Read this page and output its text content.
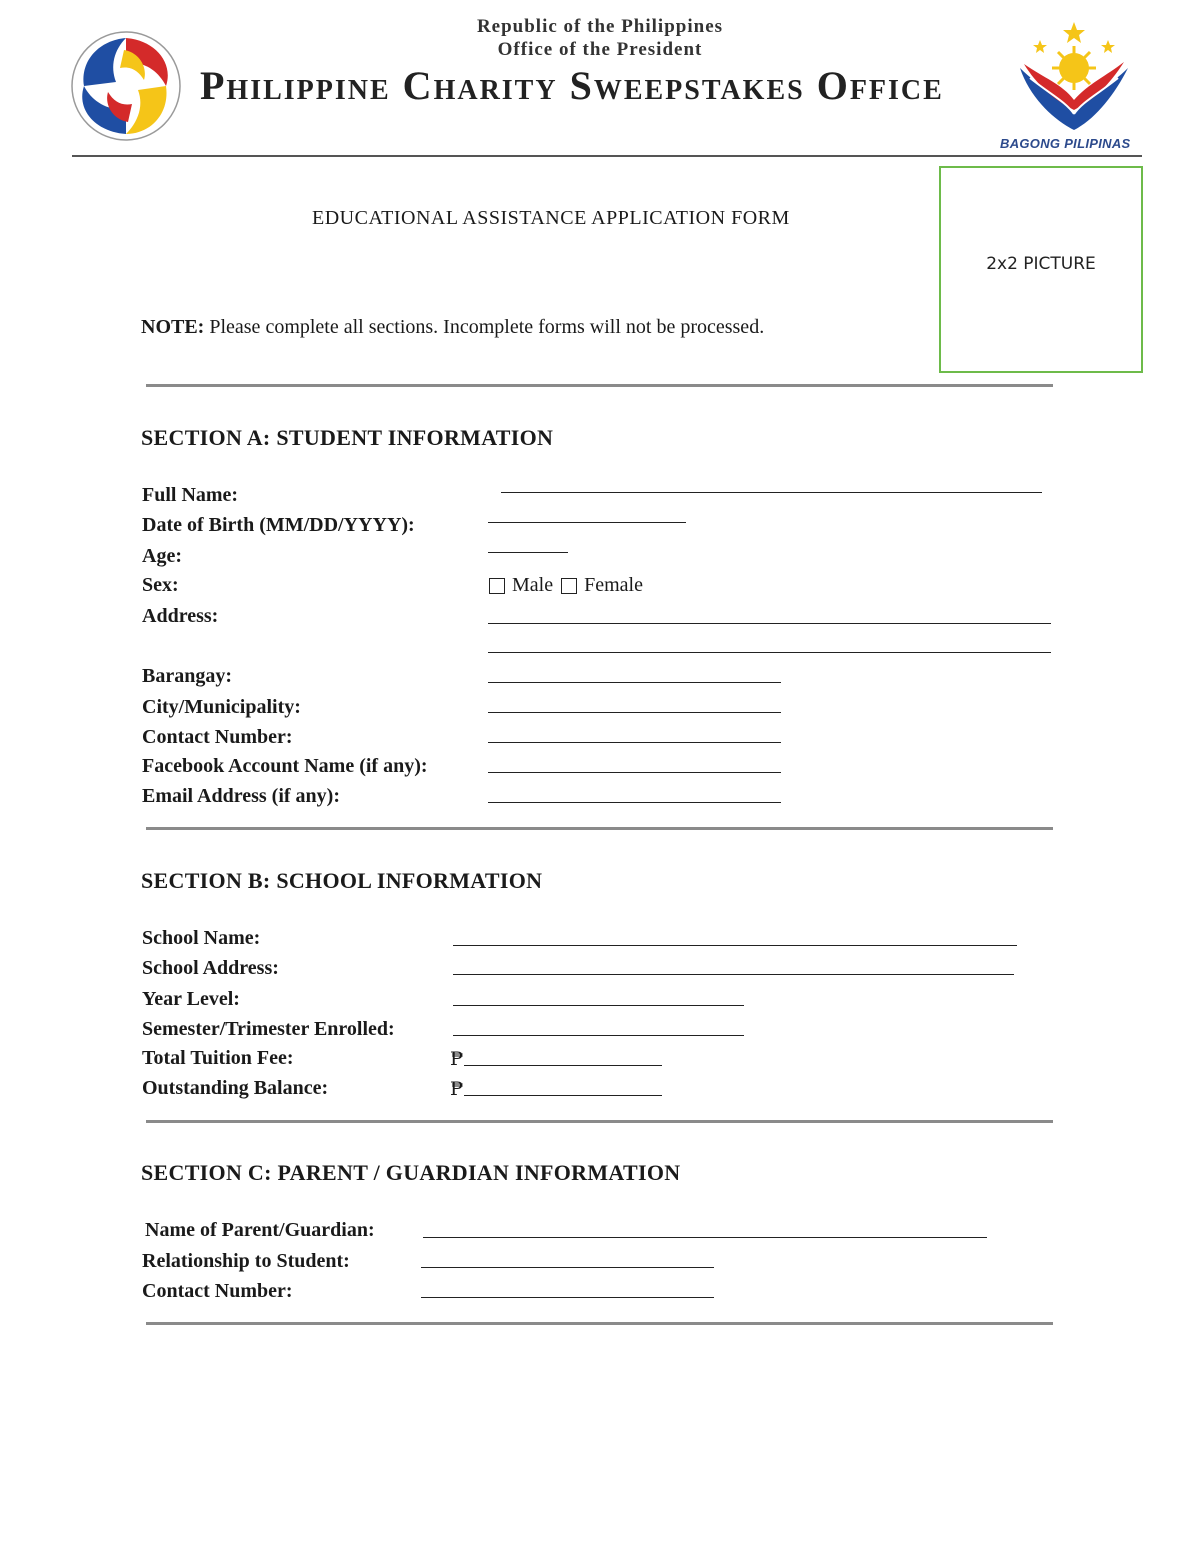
Republic of the Philippines
Office of the President
Philippine Charity Sweepstakes Office
BAGONG PILIPINAS
EDUCATIONAL ASSISTANCE APPLICATION FORM
NOTE: Please complete all sections. Incomplete forms will not be processed.
2x2 PICTURE
SECTION A: STUDENT INFORMATION
Full Name:
Date of Birth (MM/DD/YYYY):
Age:
Sex:	Male Female
Address:
Barangay:
City/Municipality:
Contact Number:
Facebook Account Name (if any):
Email Address (if any):
SECTION B: SCHOOL INFORMATION
School Name:
School Address:
Year Level:
Semester/Trimester Enrolled:
Total Tuition Fee:	₱
Outstanding Balance:	₱
SECTION C: PARENT / GUARDIAN INFORMATION
Name of Parent/Guardian:
Relationship to Student:
Contact Number:
